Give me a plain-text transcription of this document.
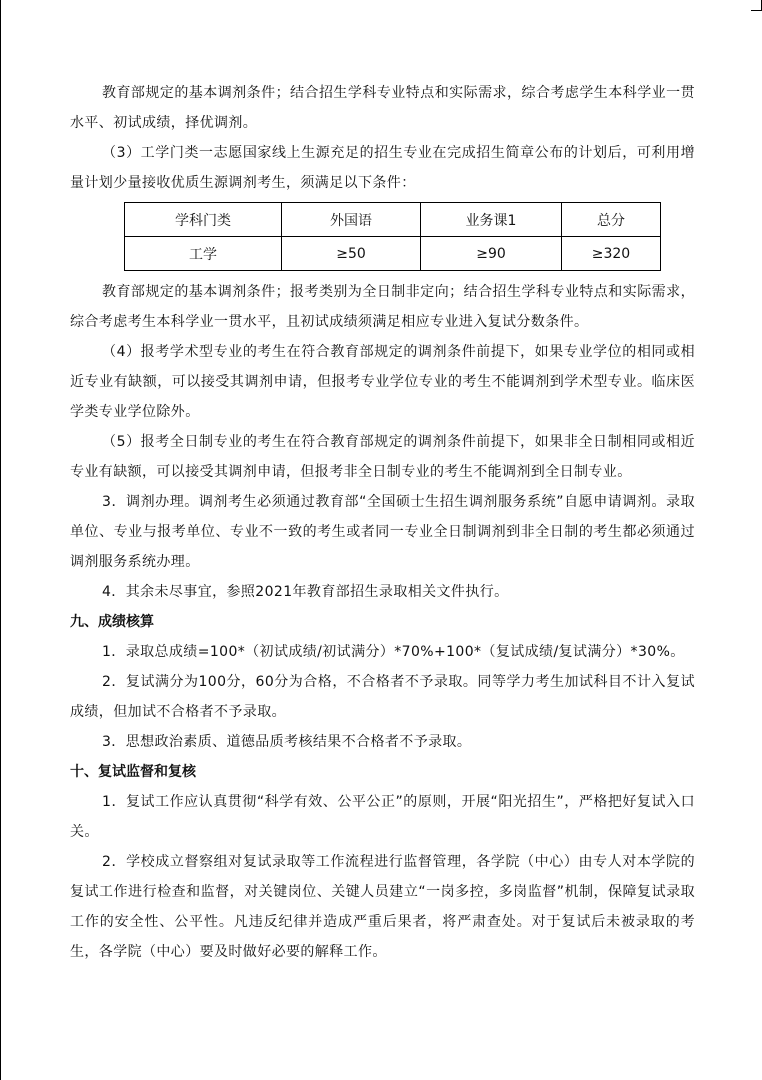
教育部规定的基本调剂条件；结合招生学科专业特点和实际需求，综合考虑学生本科学业一贯水平、初试成绩，择优调剂。

（3）工学门类一志愿国家线上生源充足的招生专业在完成招生简章公布的计划后，可利用增量计划少量接收优质生源调剂考生，须满足以下条件：

学科门类	外国语	业务课1	总分
工学	≥50	≥90	≥320

教育部规定的基本调剂条件；报考类别为全日制非定向；结合招生学科专业特点和实际需求，综合考虑考生本科学业一贯水平，且初试成绩须满足相应专业进入复试分数条件。

（4）报考学术型专业的考生在符合教育部规定的调剂条件前提下，如果专业学位的相同或相近专业有缺额，可以接受其调剂申请，但报考专业学位专业的考生不能调剂到学术型专业。临床医学类专业学位除外。

（5）报考全日制专业的考生在符合教育部规定的调剂条件前提下，如果非全日制相同或相近专业有缺额，可以接受其调剂申请，但报考非全日制专业的考生不能调剂到全日制专业。

3．调剂办理。调剂考生必须通过教育部“全国硕士生招生调剂服务系统”自愿申请调剂。录取单位、专业与报考单位、专业不一致的考生或者同一专业全日制调剂到非全日制的考生都必须通过调剂服务系统办理。

4．其余未尽事宜，参照2021年教育部招生录取相关文件执行。

九、成绩核算

1．录取总成绩=100*（初试成绩/初试满分）*70%+100*（复试成绩/复试满分）*30%。

2．复试满分为100分，60分为合格，不合格者不予录取。同等学力考生加试科目不计入复试成绩，但加试不合格者不予录取。

3．思想政治素质、道德品质考核结果不合格者不予录取。

十、复试监督和复核

1．复试工作应认真贯彻“科学有效、公平公正”的原则，开展“阳光招生”，严格把好复试入口关。

2．学校成立督察组对复试录取等工作流程进行监督管理，各学院（中心）由专人对本学院的复试工作进行检查和监督，对关键岗位、关键人员建立“一岗多控，多岗监督”机制，保障复试录取工作的安全性、公平性。凡违反纪律并造成严重后果者，将严肃查处。对于复试后未被录取的考生，各学院（中心）要及时做好必要的解释工作。
